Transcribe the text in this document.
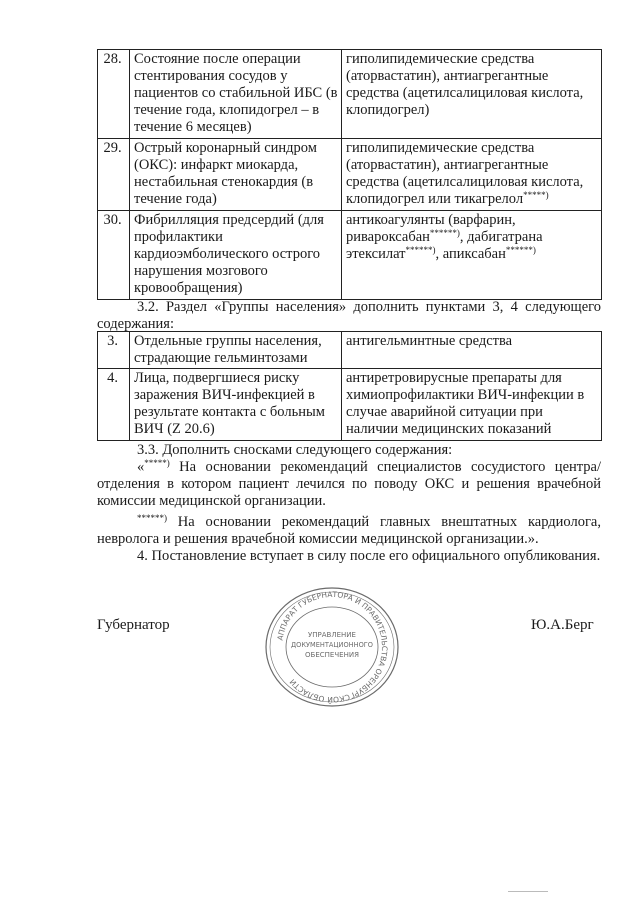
28.	Состояние после операции стентирования сосудов у пациентов со стабильной ИБС (в течение года, клопидогрел – в течение 6 месяцев)	гиполипидемические средства (аторвастатин), антиагрегантные средства (ацетилсалициловая кислота, клопидогрел)
29.	Острый коронарный синдром (ОКС): инфаркт миокарда, нестабильная стенокардия (в течение года)	гиполипидемические средства (аторвастатин), антиагрегантные средства (ацетилсалициловая кислота, клопидогрел или тикагрелол*****)
30.	Фибрилляция предсердий (для профилактики кардиоэмболического острого нарушения мозгового кровообращения)	антикоагулянты (варфарин, ривароксабан******), дабигатрана этексилат******), апиксабан******)
3.2. Раздел «Группы населения» дополнить пунктами 3, 4 следующего содержания:
3.	Отдельные группы населения, страдающие гельминтозами	антигельминтные средства
4.	Лица, подвергшиеся риску заражения ВИЧ-инфекцией в результате контакта с больным ВИЧ (Z 20.6)	антиретровирусные препараты для химиопрофилактики ВИЧ-инфекции в случае аварийной ситуации при наличии медицинских показаний
3.3. Дополнить сносками следующего содержания:
«*****) На основании рекомендаций специалистов сосудистого центра/отделения в котором пациент лечился по поводу ОКС и решения врачебной комиссии медицинской организации.
******) На основании рекомендаций главных внештатных кардиолога, невролога и решения врачебной комиссии медицинской организации.».
4. Постановление вступает в силу после его официального опубликования.
Губернатор	Ю.А.Берг
АППАРАТ ГУБЕРНАТОРА И ПРАВИТЕЛЬСТВА ОРЕНБУРГСКОЙ ОБЛАСТИ
УПРАВЛЕНИЕ
ДОКУМЕНТАЦИОННОГО
ОБЕСПЕЧЕНИЯ
